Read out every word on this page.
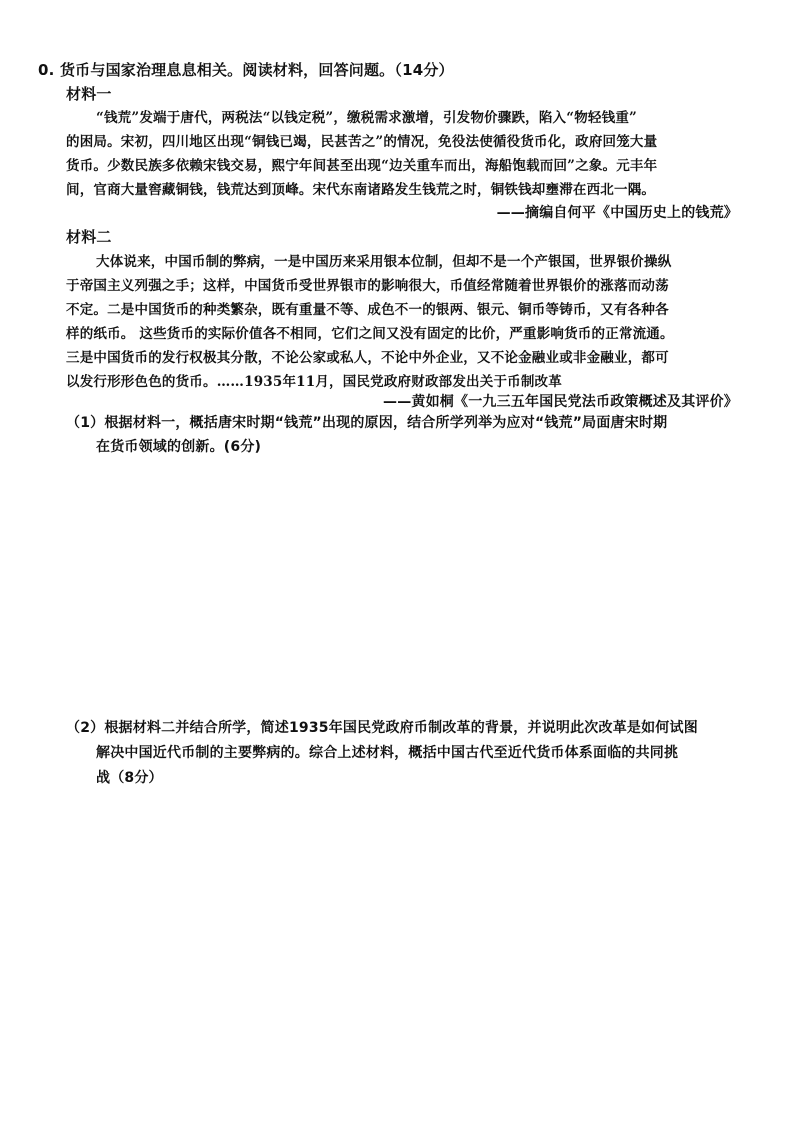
0. 货币与国家治理息息相关。阅读材料，回答问题。（14分）
材料一
“钱荒”发端于唐代，两税法“以钱定税”，缴税需求激增，引发物价骤跌，陷入“物轻钱重”
的困局。宋初，四川地区出现“铜钱已竭，民甚苦之”的情况，免役法使循役货币化，政府回笼大量
货币。少数民族多依赖宋钱交易，熙宁年间甚至出现“边关重车而出，海船饱载而回”之象。元丰年
间，官商大量窖藏铜钱，钱荒达到顶峰。宋代东南诸路发生钱荒之时，铜铁钱却壅滞在西北一隅。
——摘编自何平《中国历史上的钱荒》
材料二
大体说来，中国币制的弊病，一是中国历来采用银本位制，但却不是一个产银国，世界银价操纵
于帝国主义列强之手；这样，中国货币受世界银市的影响很大，币值经常随着世界银价的涨落而动荡
不定。二是中国货币的种类繁杂，既有重量不等、成色不一的银两、银元、铜币等铸币，又有各种各
样的纸币。 这些货币的实际价值各不相同，它们之间又没有固定的比价，严重影响货币的正常流通。
三是中国货币的发行权极其分散，不论公家或私人，不论中外企业，又不论金融业或非金融业，都可
以发行形形色色的货币。……1935年11月，国民党政府财政部发出关于币制改革
——黄如桐《一九三五年国民党法币政策概述及其评价》
（1）根据材料一，概括唐宋时期“钱荒”出现的原因，结合所学列举为应对“钱荒”局面唐宋时期
在货币领域的创新。(6分)
（2）根据材料二并结合所学，简述1935年国民党政府币制改革的背景，并说明此次改革是如何试图
解决中国近代币制的主要弊病的。综合上述材料，概括中国古代至近代货币体系面临的共同挑
战（8分）
